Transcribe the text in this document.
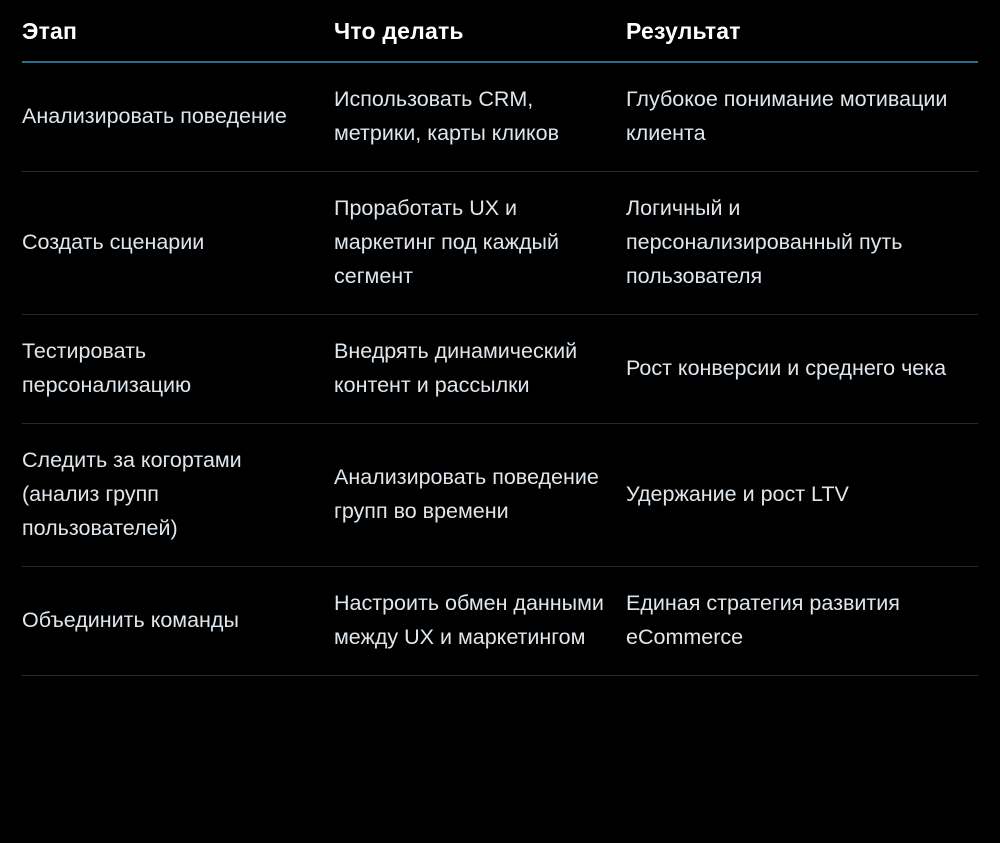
Этап	Что делать	Результат
Анализировать поведение	Использовать CRM, метрики, карты кликов	Глубокое понимание мотивации клиента
Создать сценарии	Проработать UX и маркетинг под каждый сегмент	Логичный и персонализированный путь пользователя
Тестировать персонализацию	Внедрять динамический контент и рассылки	Рост конверсии и среднего чека
Следить за когортами (анализ групп пользователей)	Анализировать поведение групп во времени	Удержание и рост LTV
Объединить команды	Настроить обмен данными между UX и маркетингом	Единая стратегия развития eCommerce
